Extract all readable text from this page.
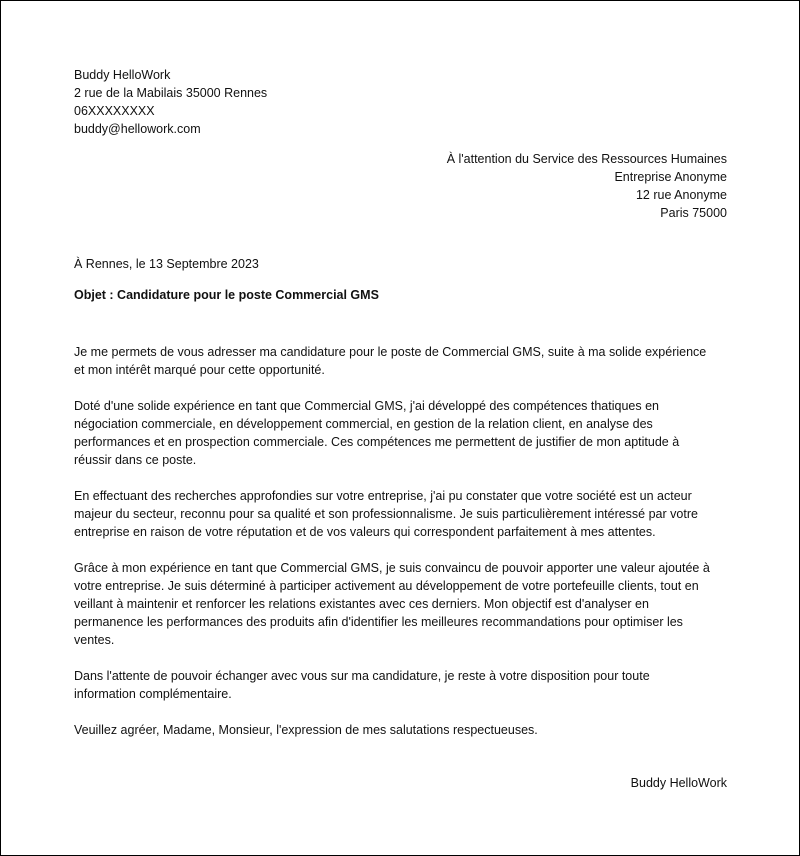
Buddy HelloWork
2 rue de la Mabilais 35000 Rennes
06XXXXXXXX
buddy@hellowork.com
À l'attention du Service des Ressources Humaines
Entreprise Anonyme
12 rue Anonyme
Paris 75000
À Rennes, le 13 Septembre 2023
Objet : Candidature pour le poste Commercial GMS
Je me permets de vous adresser ma candidature pour le poste de Commercial GMS, suite à ma solide expérience
et mon intérêt marqué pour cette opportunité.
Doté d'une solide expérience en tant que Commercial GMS, j'ai développé des compétences thatiques en
négociation commerciale, en développement commercial, en gestion de la relation client, en analyse des
performances et en prospection commerciale. Ces compétences me permettent de justifier de mon aptitude à
réussir dans ce poste.
En effectuant des recherches approfondies sur votre entreprise, j'ai pu constater que votre société est un acteur
majeur du secteur, reconnu pour sa qualité et son professionnalisme. Je suis particulièrement intéressé par votre
entreprise en raison de votre réputation et de vos valeurs qui correspondent parfaitement à mes attentes.
Grâce à mon expérience en tant que Commercial GMS, je suis convaincu de pouvoir apporter une valeur ajoutée à
votre entreprise. Je suis déterminé à participer activement au développement de votre portefeuille clients, tout en
veillant à maintenir et renforcer les relations existantes avec ces derniers. Mon objectif est d'analyser en
permanence les performances des produits afin d'identifier les meilleures recommandations pour optimiser les
ventes.
Dans l'attente de pouvoir échanger avec vous sur ma candidature, je reste à votre disposition pour toute
information complémentaire.
Veuillez agréer, Madame, Monsieur, l'expression de mes salutations respectueuses.
Buddy HelloWork
